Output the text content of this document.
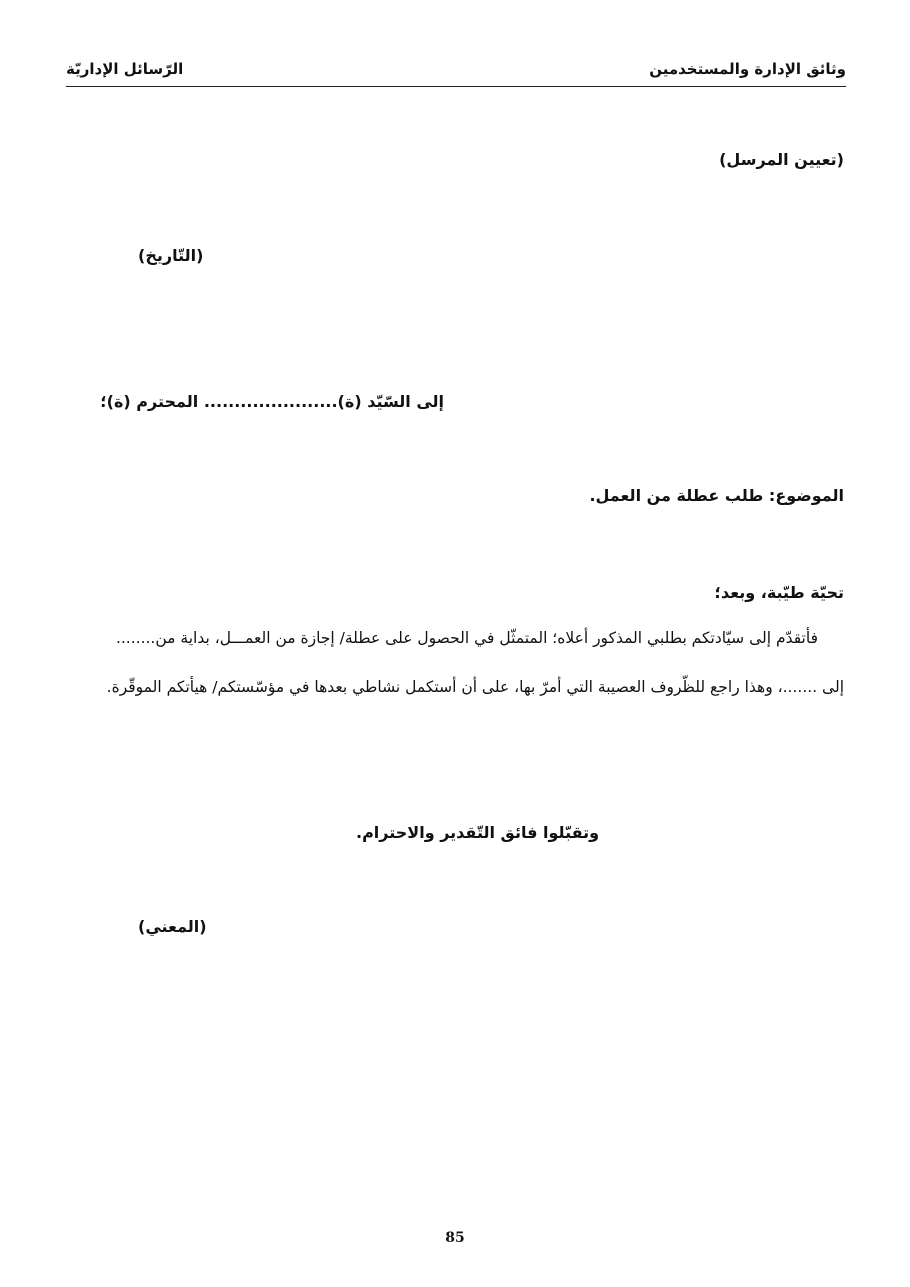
وثائق الإدارة والمستخدمين
الرّسائل الإداريّة
(تعيين المرسل)
(التّاريخ)
إلى السّيّد (ة)...................... المحترم (ة)؛
الموضوع: طلب عطلة من العمل.
تحيّة طيّبة، وبعد؛
فأتقدّم إلى سيّادتكم بطلبي المذكور أعلاه؛ المتمثّل في الحصول على عطلة/ إجازة من العمـــل، بداية من........
إلى .......، وهذا راجع للظّروف العصيبة التي أمرّ بها، على أن أستكمل نشاطي بعدها في مؤسّستكم/ هيأتكم الموقّرة.
وتقبّلوا فائق التّقدير والاحترام.
(المعني)
85
